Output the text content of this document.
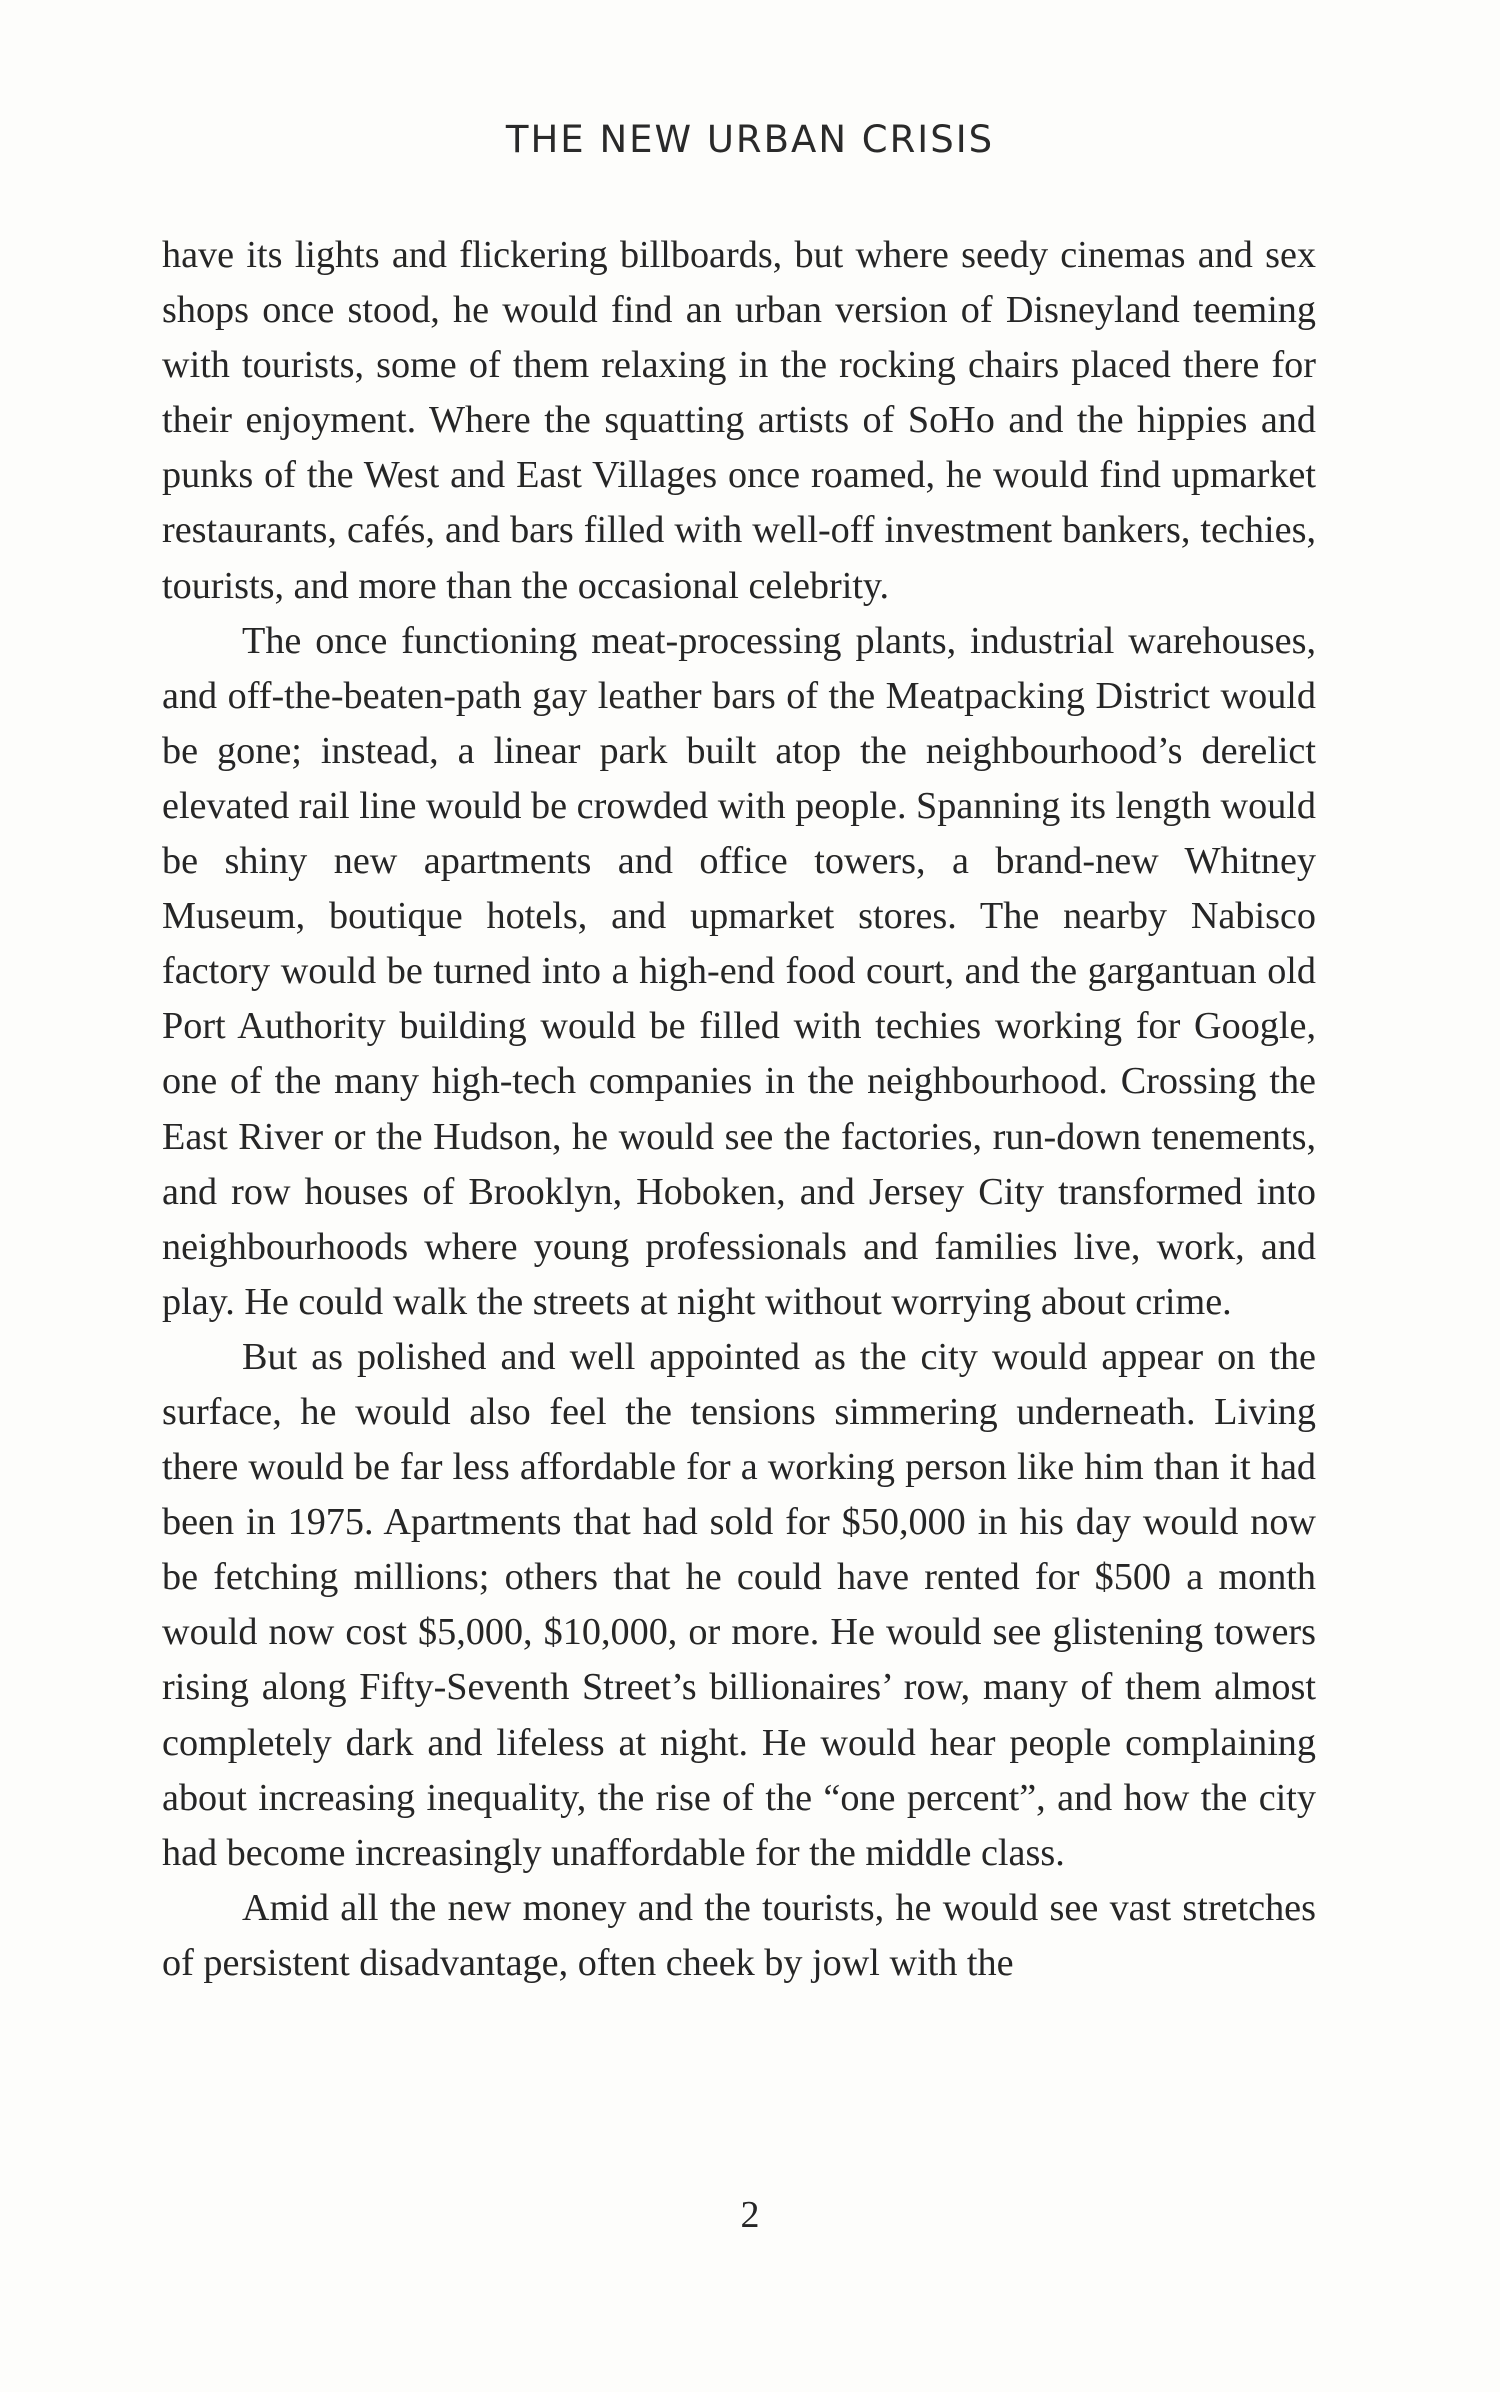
THE NEW URBAN CRISIS

have its lights and flickering billboards, but where seedy cinemas and sex shops once stood, he would find an urban version of Disneyland teeming with tourists, some of them relaxing in the rocking chairs placed there for their enjoyment. Where the squatting artists of SoHo and the hippies and punks of the West and East Villages once roamed, he would find upmarket restaurants, cafés, and bars filled with well-off investment bankers, techies, tourists, and more than the occasional celebrity.

The once functioning meat-processing plants, industrial warehouses, and off-the-beaten-path gay leather bars of the Meatpacking District would be gone; instead, a linear park built atop the neighbourhood’s derelict elevated rail line would be crowded with people. Spanning its length would be shiny new apartments and office towers, a brand-new Whitney Museum, boutique hotels, and upmarket stores. The nearby Nabisco factory would be turned into a high-end food court, and the gargantuan old Port Authority building would be filled with techies working for Google, one of the many high-tech companies in the neighbourhood. Crossing the East River or the Hudson, he would see the factories, run-down tenements, and row houses of Brooklyn, Hoboken, and Jersey City transformed into neighbourhoods where young professionals and families live, work, and play. He could walk the streets at night without worrying about crime.

But as polished and well appointed as the city would appear on the surface, he would also feel the tensions simmering underneath. Living there would be far less affordable for a working person like him than it had been in 1975. Apartments that had sold for $50,000 in his day would now be fetching millions; others that he could have rented for $500 a month would now cost $5,000, $10,000, or more. He would see glistening towers rising along Fifty-Seventh Street’s billionaires’ row, many of them almost completely dark and lifeless at night. He would hear people complaining about increasing inequality, the rise of the “one percent”, and how the city had become increasingly unaffordable for the middle class.

Amid all the new money and the tourists, he would see vast stretches of persistent disadvantage, often cheek by jowl with the

2
